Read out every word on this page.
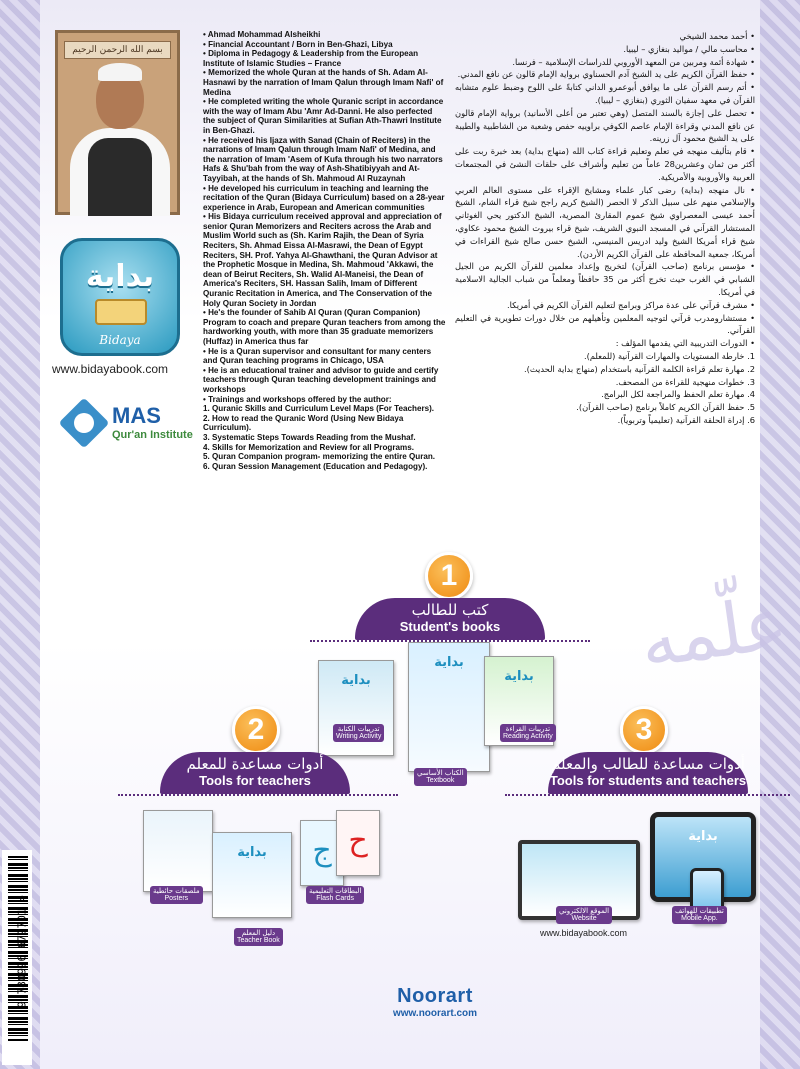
بسم الله الرحمن الرحيم
بداية
Bidaya
www.bidayabook.com
MAS
Qur'an Institute
• Ahmad Mohammad Alsheikhi
• Financial Accountant / Born in Ben-Ghazi, Libya
• Diploma in Pedagogy & Leadership from the European Institute of Islamic Studies – France
• Memorized the whole Quran at the hands of Sh. Adam Al-Hasnawi by the narration of Imam Qalun through Imam Nafi' of Medina
• He completed writing the whole Quranic script in accordance with the way of Imam Abu 'Amr Ad-Danni. He also perfected the subject of Quran Similarities at Sufian Ath-Thawri Institute in Ben-Ghazi.
• He received his Ijaza with Sanad (Chain of Reciters) in the narrations of Imam Qalun through Imam Nafi' of Medina, and the narration of Imam 'Asem of Kufa through his two narrators Hafs & Shu'bah from the way of Ash-Shatibiyyah and At-Tayyibah, at the hands of Sh. Mahmoud Al Ruzaynah
• He developed his curriculum in teaching and learning the recitation of the Quran (Bidaya Curriculum) based on a 28-year experience in Arab, European and American communities
• His Bidaya curriculum received approval and appreciation of senior Quran Memorizers and Reciters across the Arab and Muslim World such as (Sh. Karim Rajih, the Dean of Syria Reciters, Sh. Ahmad Eissa Al-Masrawi, the Dean of Egypt Reciters, SH. Prof. Yahya Al-Ghawthani, the Quran Advisor at the Prophetic Mosque in Medina, Sh. Mahmoud 'Akkawi, the dean of Beirut Reciters, Sh. Walid Al-Maneisi, the Dean of America's Reciters, SH. Hassan Salih, Imam of Different Quranic Recitation in America, and The Conservation of the Holy Quran Society in Jordan
• He's the founder of Sahib Al Quran (Quran Companion) Program to coach and prepare Quran teachers from among the hardworking youth, with more than 35 graduate memorizers (Huffaz) in America thus far
• He is a Quran supervisor and consultant for many centers and Quran teaching programs in Chicago, USA
• He is an educational trainer and advisor to guide and certify teachers through Quran teaching development trainings and workshops
• Trainings and workshops offered by the author:
1. Quranic Skills and Curriculum Level Maps (For Teachers).
2. How to read the Quranic Word (Using New Bidaya Curriculum).
3. Systematic Steps Towards Reading from the Mushaf.
4. Skills for Memorization and Review for all Programs.
5. Quran Companion program- memorizing the entire Quran.
6. Quran Session Management (Education and Pedagogy).
• أحمد محمد الشيخي
• محاسب مالي / مواليد بنغازي – ليبيا.
• شهادة أئمة ومربين من المعهد الأوروبي للدراسات الإسلامية – فرنسا.
• حفظ القرآن الكريم على يد الشيخ آدم الحسناوي برواية الإمام قالون عن نافع المدني.
• أتم رسم القرآن على ما يوافق أبوعمرو الداني كتابةً على اللوح وضبط علوم متشابه القرآن في معهد سفيان الثوري (بنغازي – ليبيا).
• تحصل على إجازة بالسند المتصل (وهي تعتبر من أعلى الأسانيد) برواية الإمام قالون عن نافع المدني وقراءة الإمام عاصم الكوفي براوييه حفص وشعبة من الشاطبية والطيبة على يد الشيخ محمود آل زرينه.
• قام بتأليف منهجه في تعلم وتعليم قراءة كتاب الله (منهاج بداية) بعد خبرة ربت على أكثر من ثمان وعشرين28 عاماً من تعليم وأشراف على حلقات النشئ في المجتمعات العربية والأوروبية والأمريكية.
• نال منهجه (بداية) رضى كبار علماء ومشايخ الإقراء على مستوى العالم العربي والإسلامي منهم على سبيل الذكر لا الحصر (الشيخ كريم راجح شيخ قراء الشام، الشيخ أحمد عيسى المعصراوي شيخ عموم المقارئ المصرية، الشيخ الدكتور يحي الغوثاني المستشار القرآني في المسجد النبوي الشريف، شيخ قراء بيروت الشيخ محمود عكاوي، شيخ قراء أمريكا الشيخ وليد ادريس المنيسي، الشيخ حسن صالح شيخ القراءات في أمريكا، جمعية المحافظة على القرآن الكريم الأردن).
• مؤسس برنامج (صاحب القرآن) لتخريج وإعداد معلمين للقرآن الكريم من الجيل الشبابي في الغرب حيث تخرج أكثر من 35 حافظاً ومعلماً من شباب الجالية الاسلامية في أمريكا.
• مشرف قرآني على عدة مراكز وبرامج لتعليم القرآن الكريم في أمريكا.
• مستشارومدرب قرآني لتوجيه المعلمين وتأهيلهم من خلال دورات تطويرية في التعليم القرآني.
• الدورات التدريبية التي يقدمها المؤلف :
1. خارطة المستويات والمهارات القرآنية (للمعلم).
2. مهارة تعلم قراءة الكلمة القرآنية باستخدام (منهاج بداية الحديث).
3. خطوات منهجية للقراءة من المصحف.
4. مهارة تعلم الحفظ والمراجعة لكل البرامج.
5. حفظ القرآن الكريم كاملاً برنامج (صاحب القرآن).
6. إدراة الحلقة القرآنية (تعليمياً وتربوياً).
علّمه
1
كتب للطالب
Student's books
بداية
بداية
بداية
تدريبات الكتابة
Writing Activity
الكتاب الأساسي
Textbook
تدريبات القراءة
Reading Activity
2
أدوات مساعدة للمعلم
Tools for teachers
بداية	ج ح
ملصقات حائطية
Posters
دليل المعلم
Teacher Book
البطاقات التعليمية
Flash Cards
3
أدوات مساعدة للطالب والمعلم
Tools for students and teachers
بداية
الموقع الالكتروني
Website
تطبيقات للهواتف
Mobile App.
www.bidayabook.com
9 780996 679701 >	Noorart
www.noorart.com
